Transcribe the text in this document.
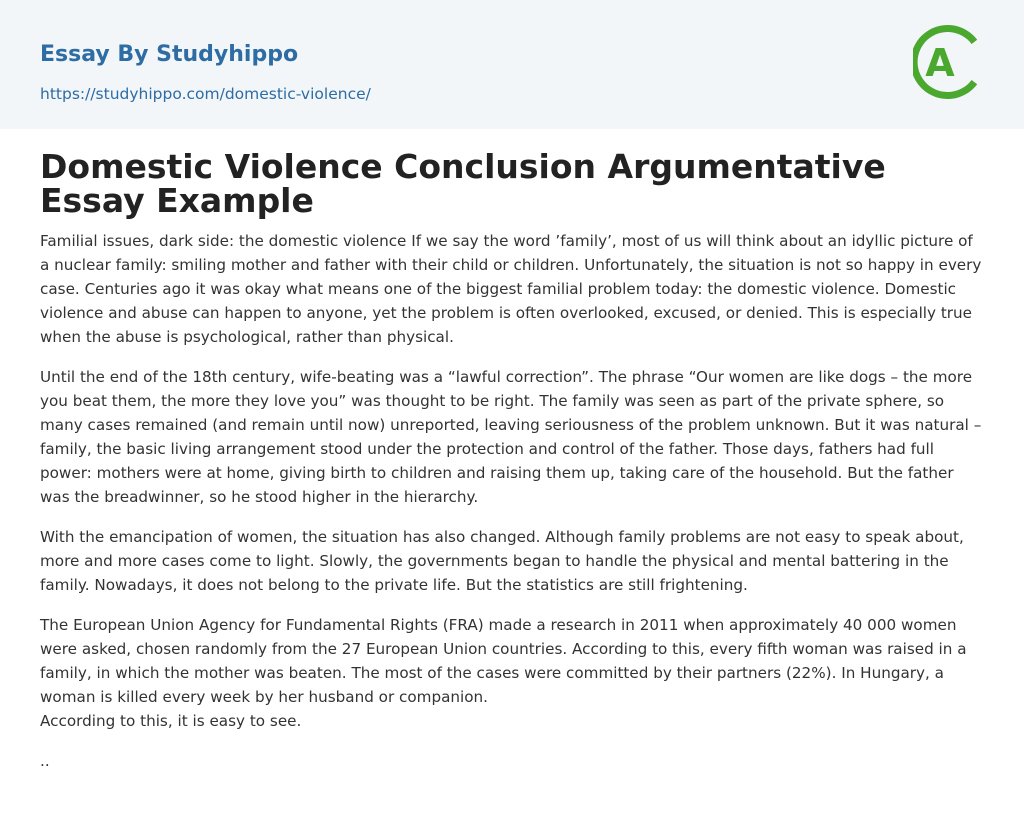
Essay By Studyhippo
https://studyhippo.com/domestic-violence/
A
Domestic Violence Conclusion Argumentative Essay Example

Familial issues, dark side: the domestic violence If we say the word ’family’, most of us will think about an idyllic picture of a nuclear family: smiling mother and father with their child or children. Unfortunately, the situation is not so happy in every case. Centuries ago it was okay what means one of the biggest familial problem today: the domestic violence. Domestic violence and abuse can happen to anyone, yet the problem is often overlooked, excused, or denied. This is especially true when the abuse is psychological, rather than physical.

Until the end of the 18th century, wife-beating was a “lawful correction”. The phrase “Our women are like dogs – the more you beat them, the more they love you” was thought to be right. The family was seen as part of the private sphere, so many cases remained (and remain until now) unreported, leaving seriousness of the problem unknown. But it was natural – family, the basic living arrangement stood under the protection and control of the father. Those days, fathers had full power: mothers were at home, giving birth to children and raising them up, taking care of the household. But the father was the breadwinner, so he stood higher in the hierarchy.

With the emancipation of women, the situation has also changed. Although family problems are not easy to speak about, more and more cases come to light. Slowly, the governments began to handle the physical and mental battering in the family. Nowadays, it does not belong to the private life. But the statistics are still frightening.

The European Union Agency for Fundamental Rights (FRA) made a research in 2011 when approximately 40 000 women were asked, chosen randomly from the 27 European Union countries. According to this, every fifth woman was raised in a family, in which the mother was beaten. The most of the cases were committed by their partners (22%). In Hungary, a woman is killed every week by her husband or companion.

According to this, it is easy to see.

..
